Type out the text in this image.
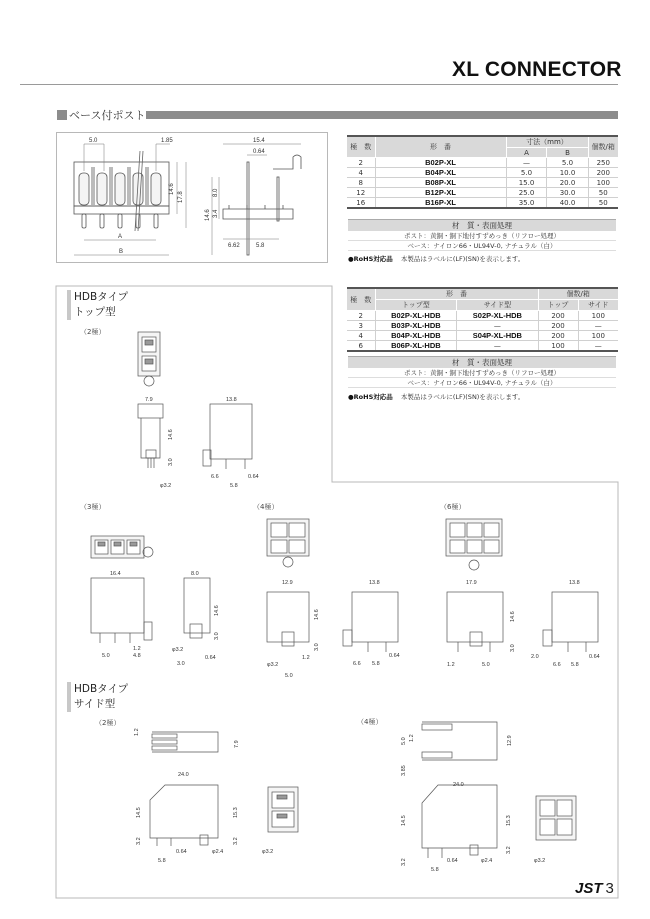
XL CONNECTOR
ベース付ポスト
5.0	1.85
14.6
17.8
A
B
15.4
0.64
8.0
14.6 3.4
6.62	5.8
極　数	形　番	寸法（mm）		個数/箱
		A	B	
2	B02P-XL	—	5.0	250
4	B04P-XL	5.0	10.0	200
8	B08P-XL	15.0	20.0	100
12	B12P-XL	25.0	30.0	50
16	B16P-XL	35.0	40.0	50
材　質・表面処理
ポスト：黄銅・銅下地付すずめっき（リフロー処理）
ベース：ナイロン66・UL94V-0, ナチュラル（白）
●RoHS対応品 本製品はラベルに(LF)(SN)を表示します。
極　数	形　番		個数/箱	
	トップ型	サイド型	トップ	サイド
2	B02P-XL-HDB	S02P-XL-HDB	200	100
3	B03P-XL-HDB	—	200	—
4	B04P-XL-HDB	S04P-XL-HDB	200	100
6	B06P-XL-HDB	—	100	—
材　質・表面処理
ポスト：黄銅・銅下地付すずめっき（リフロー処理）
ベース：ナイロン66・UL94V-0, ナチュラル（白）
●RoHS対応品 本製品はラベルに(LF)(SN)を表示します。
HDBタイプ
トップ型
（2極）
（3極）	（4極）	（6極）
7.9
14.6
3.0
φ3.2
13.8
6.6
5.8
0.64
16.4
5.0
1.2
4.8
8.0
14.6
3.0
φ3.2
0.64
3.0
12.9
14.6
3.0
φ3.2
1.2
5.0
13.8
6.6 5.8
0.64
17.9
14.6
3.0
1.2	5.0
13.8
2.0
6.6 5.8
0.64
1.2
7.9
24.0
14.5	15.3
3.2	3.2
5.8
0.64	φ2.4	φ3.2
5.0 1.2
3.85
12.9
24.0
14.5	15.3
3.2
3.2
5.8
0.64	φ2.4	φ3.2
HDBタイプ
サイド型
（2極）	（4極）
JST 3
